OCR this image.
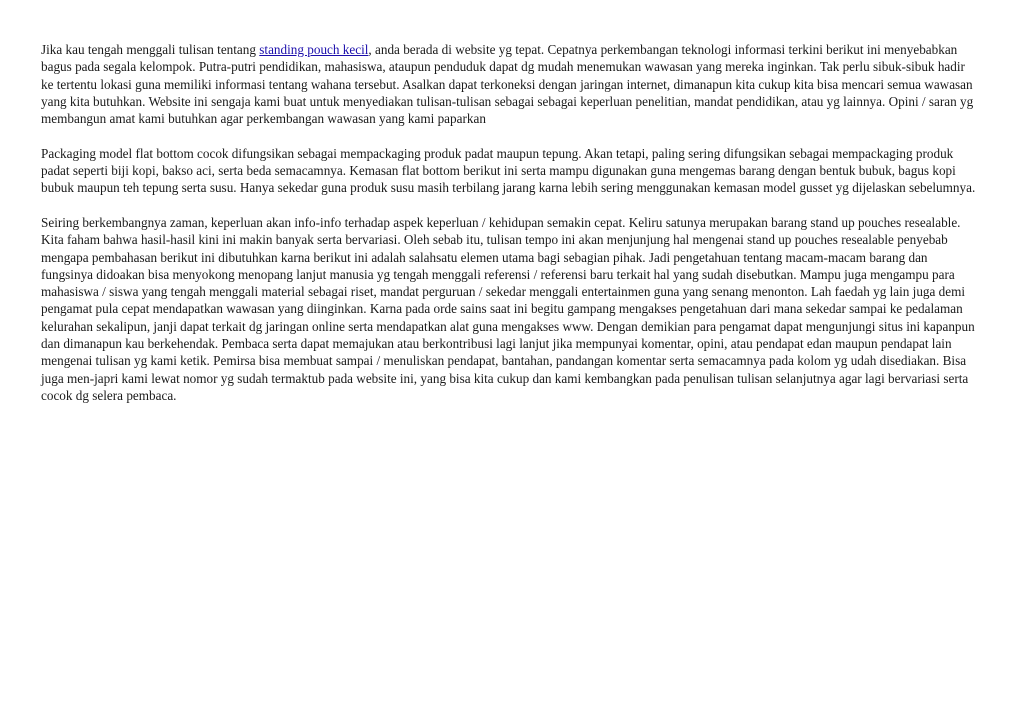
Jika kau tengah menggali tulisan tentang standing pouch kecil, anda berada di website yg tepat. Cepatnya perkembangan teknologi informasi terkini berikut ini menyebabkan bagus pada segala kelompok. Putra-putri pendidikan, mahasiswa, ataupun penduduk dapat dg mudah menemukan wawasan yang mereka inginkan. Tak perlu sibuk-sibuk hadir ke tertentu lokasi guna memiliki informasi tentang wahana tersebut. Asalkan dapat terkoneksi dengan jaringan internet, dimanapun kita cukup kita bisa mencari semua wawasan yang kita butuhkan. Website ini sengaja kami buat untuk menyediakan tulisan-tulisan sebagai sebagai keperluan penelitian, mandat pendidikan, atau yg lainnya. Opini / saran yg membangun amat kami butuhkan agar perkembangan wawasan yang kami paparkan

Packaging model flat bottom cocok difungsikan sebagai mempackaging produk padat maupun tepung. Akan tetapi, paling sering difungsikan sebagai mempackaging produk padat seperti biji kopi, bakso aci, serta beda semacamnya. Kemasan flat bottom berikut ini serta mampu digunakan guna mengemas barang dengan bentuk bubuk, bagus kopi bubuk maupun teh tepung serta susu. Hanya sekedar guna produk susu masih terbilang jarang karna lebih sering menggunakan kemasan model gusset yg dijelaskan sebelumnya.

Seiring berkembangnya zaman, keperluan akan info-info terhadap aspek keperluan / kehidupan semakin cepat. Keliru satunya merupakan barang stand up pouches resealable. Kita faham bahwa hasil-hasil kini ini makin banyak serta bervariasi. Oleh sebab itu, tulisan tempo ini akan menjunjung hal mengenai stand up pouches resealable penyebab mengapa pembahasan berikut ini dibutuhkan karna berikut ini adalah salahsatu elemen utama bagi sebagian pihak. Jadi pengetahuan tentang macam-macam barang dan fungsinya didoakan bisa menyokong menopang lanjut manusia yg tengah menggali referensi / referensi baru terkait hal yang sudah disebutkan. Mampu juga mengampu para mahasiswa / siswa yang tengah menggali material sebagai riset, mandat perguruan / sekedar menggali entertainmen guna yang senang menonton. Lah faedah yg lain juga demi pengamat pula cepat mendapatkan wawasan yang diinginkan. Karna pada orde sains saat ini begitu gampang mengakses pengetahuan dari mana sekedar sampai ke pedalaman kelurahan sekalipun, janji dapat terkait dg jaringan online serta mendapatkan alat guna mengakses www. Dengan demikian para pengamat dapat mengunjungi situs ini kapanpun dan dimanapun kau berkehendak. Pembaca serta dapat memajukan atau berkontribusi lagi lanjut jika mempunyai komentar, opini, atau pendapat edan maupun pendapat lain mengenai tulisan yg kami ketik. Pemirsa bisa membuat sampai / menuliskan pendapat, bantahan, pandangan komentar serta semacamnya pada kolom yg udah disediakan. Bisa juga men-japri kami lewat nomor yg sudah termaktub pada website ini, yang bisa kita cukup dan kami kembangkan pada penulisan tulisan selanjutnya agar lagi bervariasi serta cocok dg selera pembaca.
